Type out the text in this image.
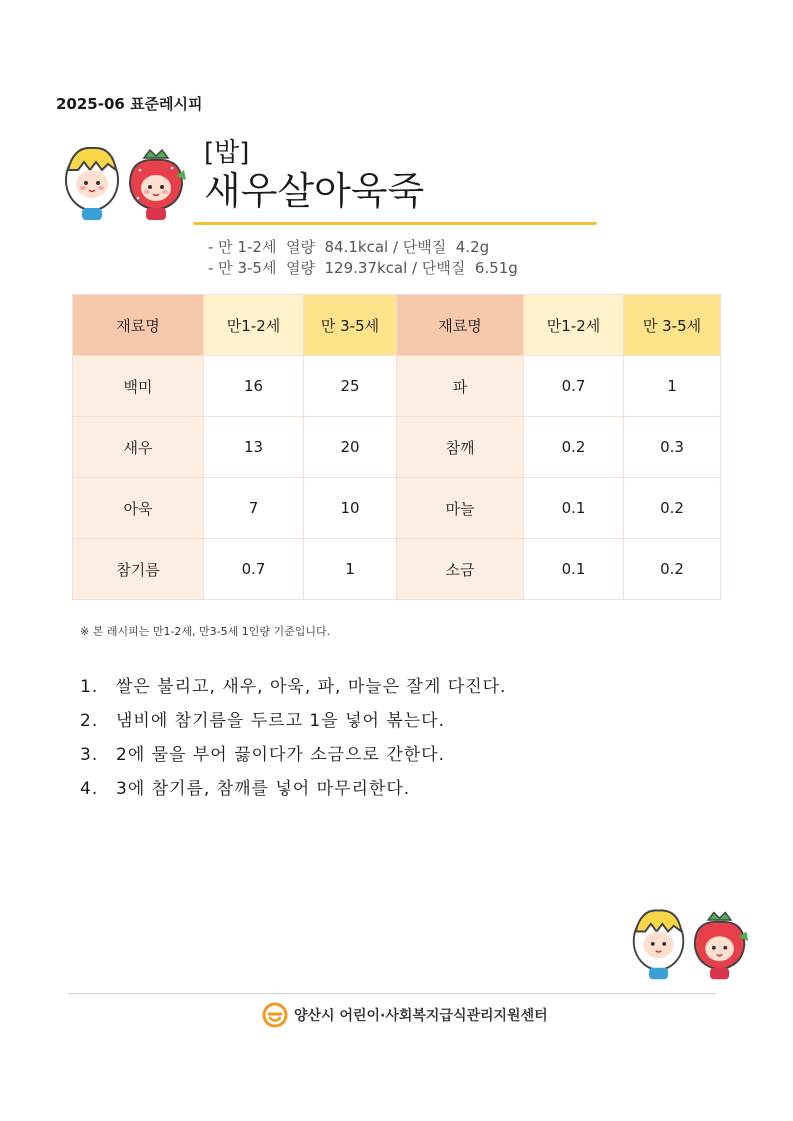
2025-06 표준레시피
[밥]
새우살아욱죽
- 만 1-2세  열량  84.1kcal / 단백질  4.2g
- 만 3-5세  열량  129.37kcal / 단백질  6.51g
재료명	만1-2세	만 3-5세	재료명	만1-2세	만 3-5세
백미	16	25	파	0.7	1
새우	13	20	참깨	0.2	0.3
아욱	7	10	마늘	0.1	0.2
참기름	0.7	1	소금	0.1	0.2
※ 본 레시피는 만1-2세, 만3-5세 1인량 기준입니다.
1.	쌀은 불리고, 새우, 아욱, 파, 마늘은 잘게 다진다.
2.	냄비에 참기름을 두르고 1을 넣어 볶는다.
3.	2에 물을 부어 끓이다가 소금으로 간한다.
4.	3에 참기름, 참깨를 넣어 마무리한다.
양산시 어린이·사회복지급식관리지원센터
